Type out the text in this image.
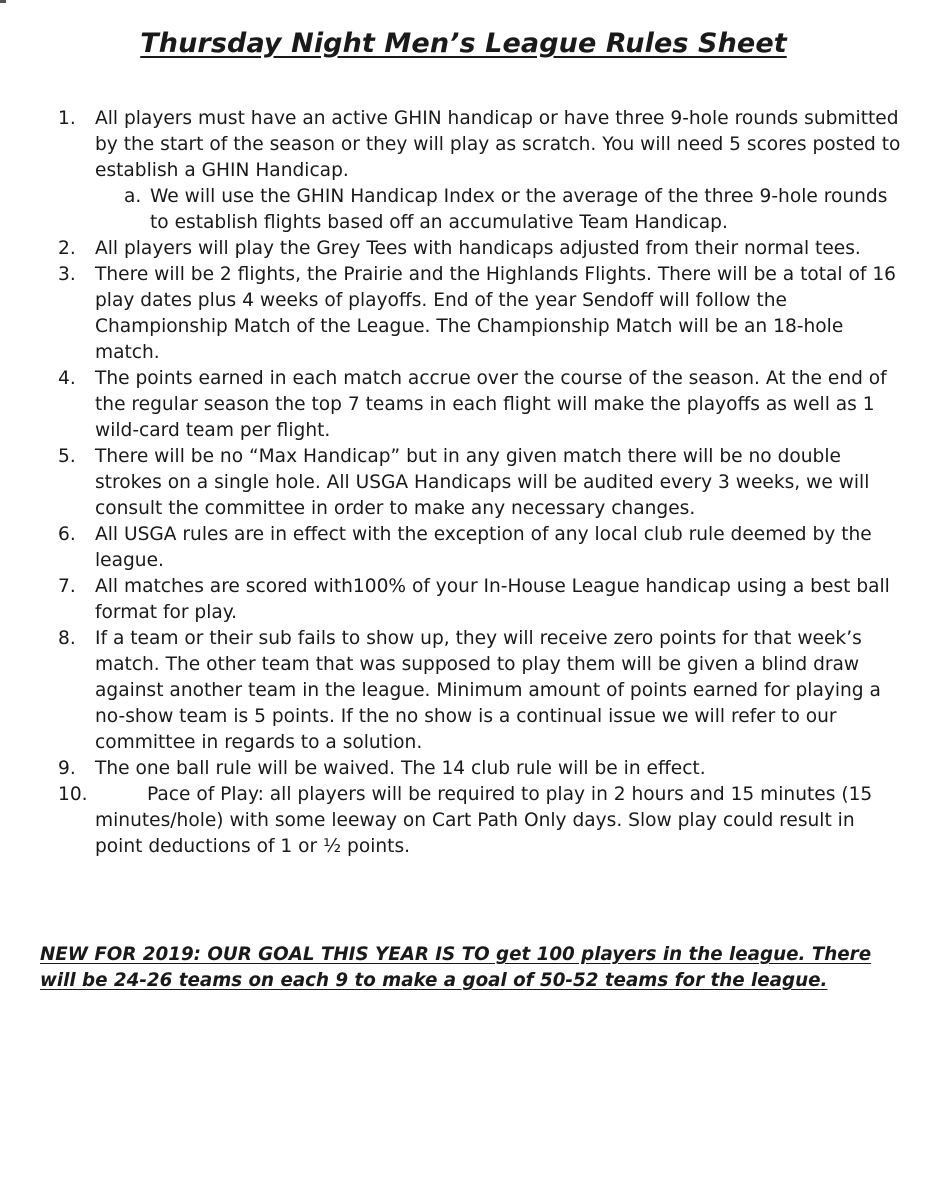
Thursday Night Men’s League Rules Sheet
1. All players must have an active GHIN handicap or have three 9-hole rounds submitted by the start of the season or they will play as scratch. You will need 5 scores posted to establish a GHIN Handicap.
a. We will use the GHIN Handicap Index or the average of the three 9-hole rounds to establish flights based off an accumulative Team Handicap.
2. All players will play the Grey Tees with handicaps adjusted from their normal tees.
3. There will be 2 flights, the Prairie and the Highlands Flights. There will be a total of 16 play dates plus 4 weeks of playoffs. End of the year Sendoff will follow the Championship Match of the League. The Championship Match will be an 18-hole match.
4. The points earned in each match accrue over the course of the season. At the end of the regular season the top 7 teams in each flight will make the playoffs as well as 1 wild-card team per flight.
5. There will be no “Max Handicap” but in any given match there will be no double strokes on a single hole. All USGA Handicaps will be audited every 3 weeks, we will consult the committee in order to make any necessary changes.
6. All USGA rules are in effect with the exception of any local club rule deemed by the league.
7. All matches are scored with100% of your In-House League handicap using a best ball format for play.
8. If a team or their sub fails to show up, they will receive zero points for that week’s match. The other team that was supposed to play them will be given a blind draw against another team in the league. Minimum amount of points earned for playing a no-show team is 5 points. If the no show is a continual issue we will refer to our committee in regards to a solution.
9. The one ball rule will be waived. The 14 club rule will be in effect.
10.	Pace of Play: all players will be required to play in 2 hours and 15 minutes (15 minutes/hole) with some leeway on Cart Path Only days. Slow play could result in point deductions of 1 or ½ points.

NEW FOR 2019: OUR GOAL THIS YEAR IS TO get 100 players in the league. There will be 24-26 teams on each 9 to make a goal of 50-52 teams for the league.
